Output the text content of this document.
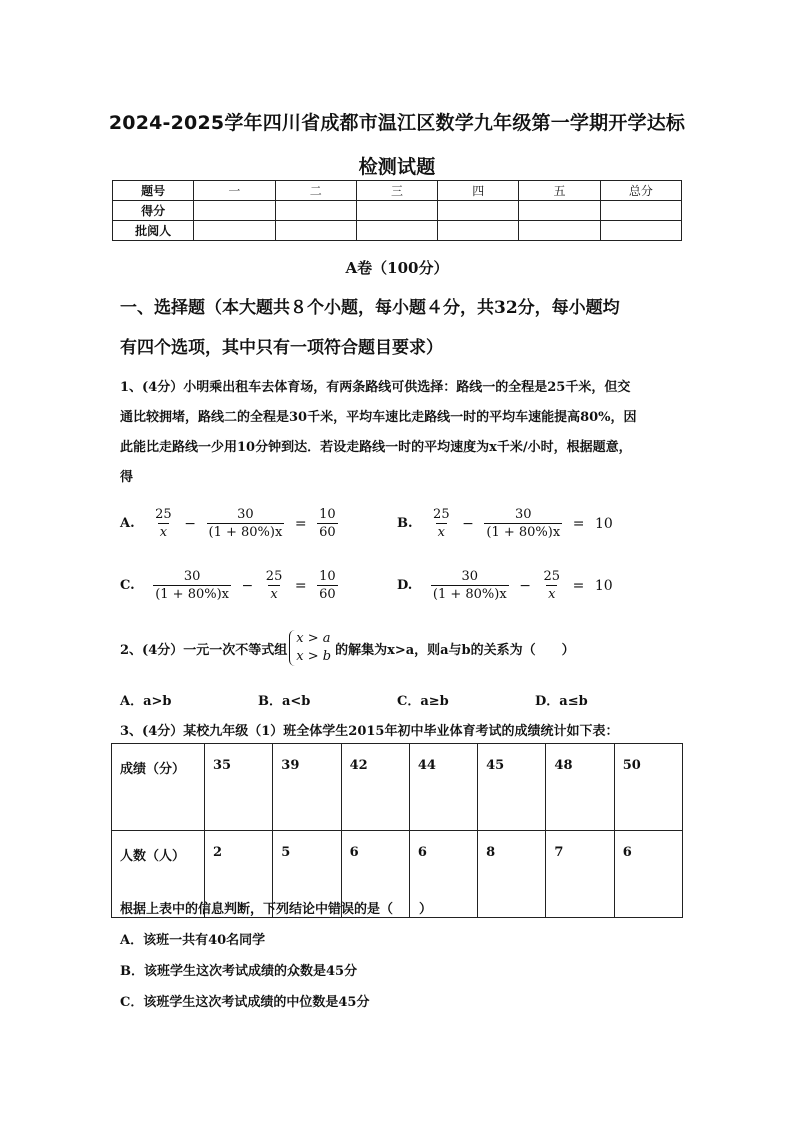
2024-2025学年四川省成都市温江区数学九年级第一学期开学达标
检测试题
题号	一	二	三	四	五	总分
得分						
批阅人						
A卷（100分）
一、选择题（本大题共８个小题，每小题４分，共32分，每小题均
有四个选项，其中只有一项符合题目要求）
1、(4分）小明乘出租车去体育场，有两条路线可供选择：路线一的全程是25千米，但交
通比较拥堵，路线二的全程是30千米，平均车速比走路线一时的平均车速能提高80%，因
此能比走路线一少用10分钟到达．若设走路线一时的平均速度为x千米/小时，根据题意，
得
A. $\frac{25}{x} - \frac{30}{(1 + 80\%)x} = \frac{10}{60}$	B. $\frac{25}{x} - \frac{30}{(1 + 80\%)x} = 10$
C. $\frac{30}{(1 + 80\%)x} - \frac{25}{x} = \frac{10}{60}$	D. $\frac{30}{(1 + 80\%)x} - \frac{25}{x} = 10$
2、(4分）一元一次不等式组
x > a
x > b 的解集为x>a，则a与b的关系为（　　）
A．a>b	B．a<b	C．a≥b	D．a≤b
3、(4分）某校九年级（1）班全体学生2015年初中毕业体育考试的成绩统计如下表：
成绩（分）	35	39	42	44	45	48	50
人数（人）	2	5	6	6	8	7	6
根据上表中的信息判断，下列结论中错误的是（　　）
A．该班一共有40名同学
B．该班学生这次考试成绩的众数是45分
C．该班学生这次考试成绩的中位数是45分
